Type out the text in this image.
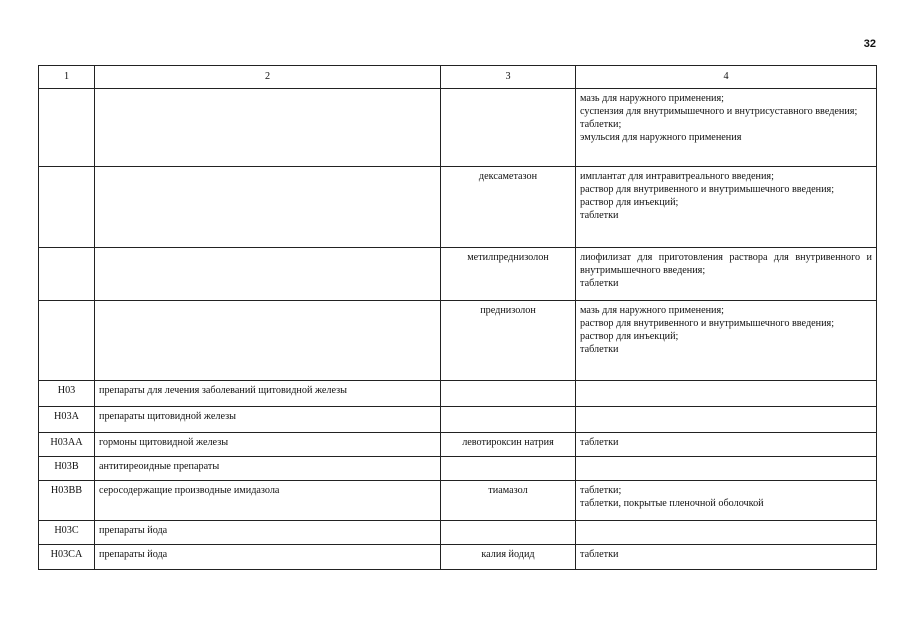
32
1	2	3	4

			мазь для наружного применения;
суспензия для внутримышечного и внутрисуставного введения;
таблетки;
эмульсия для наружного применения

		дексаметазон	имплантат для интравитреального введения;
раствор для внутривенного и внутримышечного введения;
раствор для инъекций;
таблетки

		метилпреднизолон	лиофилизат для приготовления раствора для внутривенного и внутримышечного введения;
таблетки

		преднизолон	мазь для наружного применения;
раствор для внутривенного и внутримышечного введения;
раствор для инъекций;
таблетки

H03	препараты для лечения заболеваний щитовидной железы		
H03A	препараты щитовидной железы		
H03AA	гормоны щитовидной железы	левотироксин натрия	таблетки

H03B	антитиреоидные препараты		
H03BB	серосодержащие производные имидазола	тиамазол	таблетки;
таблетки, покрытые пленочной оболочкой

H03C	препараты йода		
H03CA	препараты йода	калия йодид	таблетки
